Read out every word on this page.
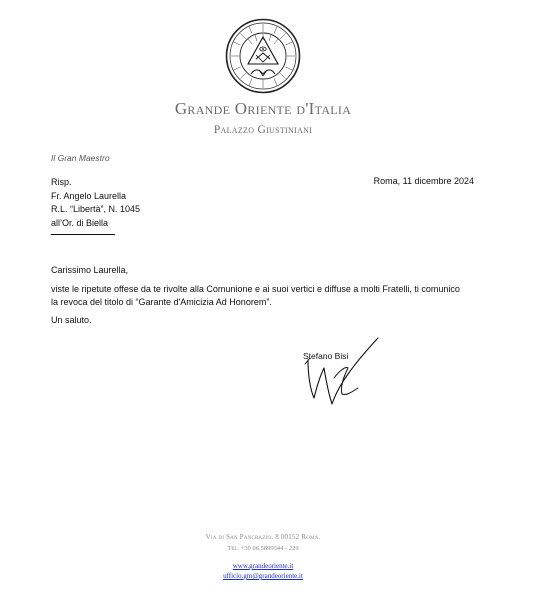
Grande Oriente d'Italia
Palazzo Giustiniani
Il Gran Maestro
Risp.
Fr. Angelo Laurella
R.L. “Libertà”, N. 1045
all’Or. di Biella
Roma, 11 dicembre 2024
Carissimo Laurella,
viste le ripetute offese da te rivolte alla Comunione e ai suoi vertici e diffuse a molti Fratelli, ti comunico
la revoca del titolo di “Garante d'Amicizia Ad Honorem”.
Un saluto.
Stefano Bisi
Via di San Pancrazio, 8 00152 Roma.
Tel. +39 06.5899344 - 229
www.grandeoriente.it
ufficio.gm@grandeoriente.it
